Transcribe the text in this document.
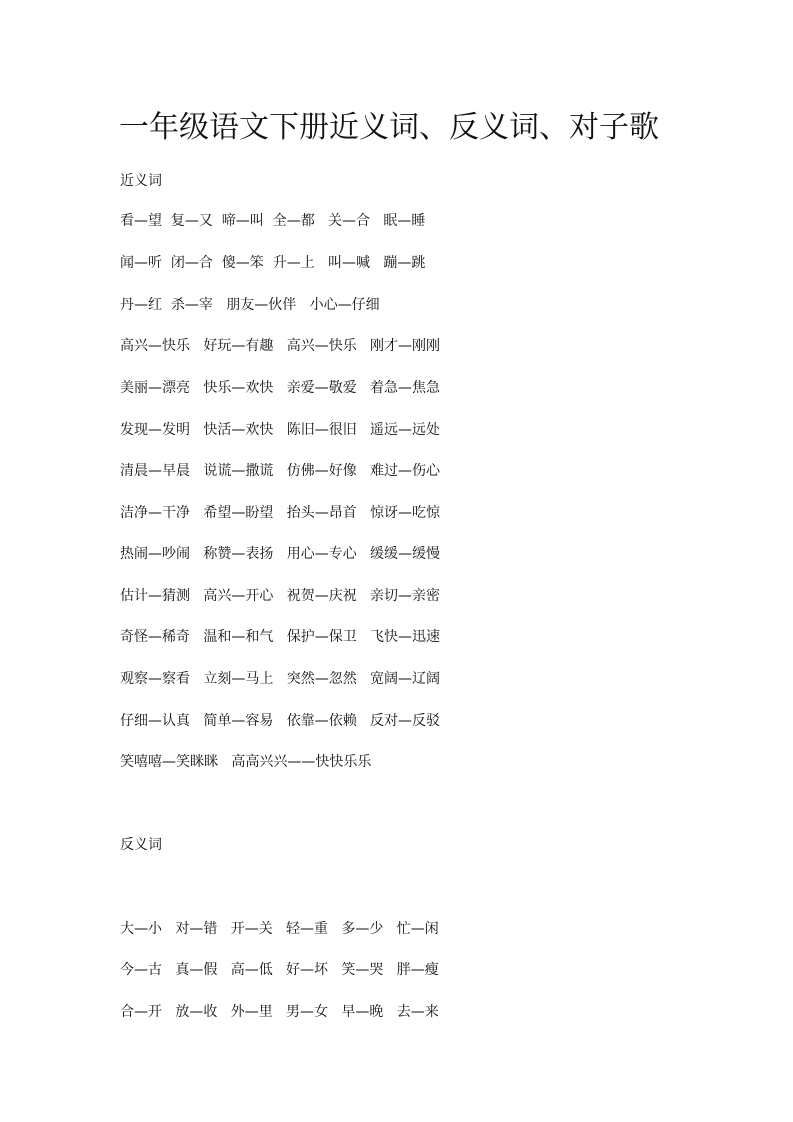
一年级语文下册近义词、反义词、对子歌
近义词
看—望  复—又  啼—叫  全—都   关—合   眠—睡
闻—听  闭—合  傻—笨  升—上   叫—喊   蹦—跳
丹—红  杀—宰   朋友—伙伴   小心—仔细
高兴—快乐   好玩—有趣   高兴—快乐   刚才—刚刚
美丽—漂亮   快乐—欢快   亲爱—敬爱   着急—焦急
发现—发明   快活—欢快   陈旧—很旧   遥远—远处
清晨—早晨   说谎—撒谎   仿佛—好像   难过—伤心
洁净—干净   希望—盼望   抬头—昂首   惊讶—吃惊
热闹—吵闹   称赞—表扬   用心—专心   缓缓—缓慢
估计—猜测   高兴—开心   祝贺—庆祝   亲切—亲密
奇怪—稀奇   温和—和气   保护—保卫   飞快—迅速
观察—察看   立刻—马上   突然—忽然   宽阔—辽阔
仔细—认真   简单—容易   依靠—依赖   反对—反驳
笑嘻嘻—笑眯眯   高高兴兴——快快乐乐
反义词
大—小   对—错   开—关   轻—重   多—少   忙—闲
今—古   真—假   高—低   好—坏   笑—哭   胖—瘦
合—开   放—收   外—里   男—女   早—晚   去—来
